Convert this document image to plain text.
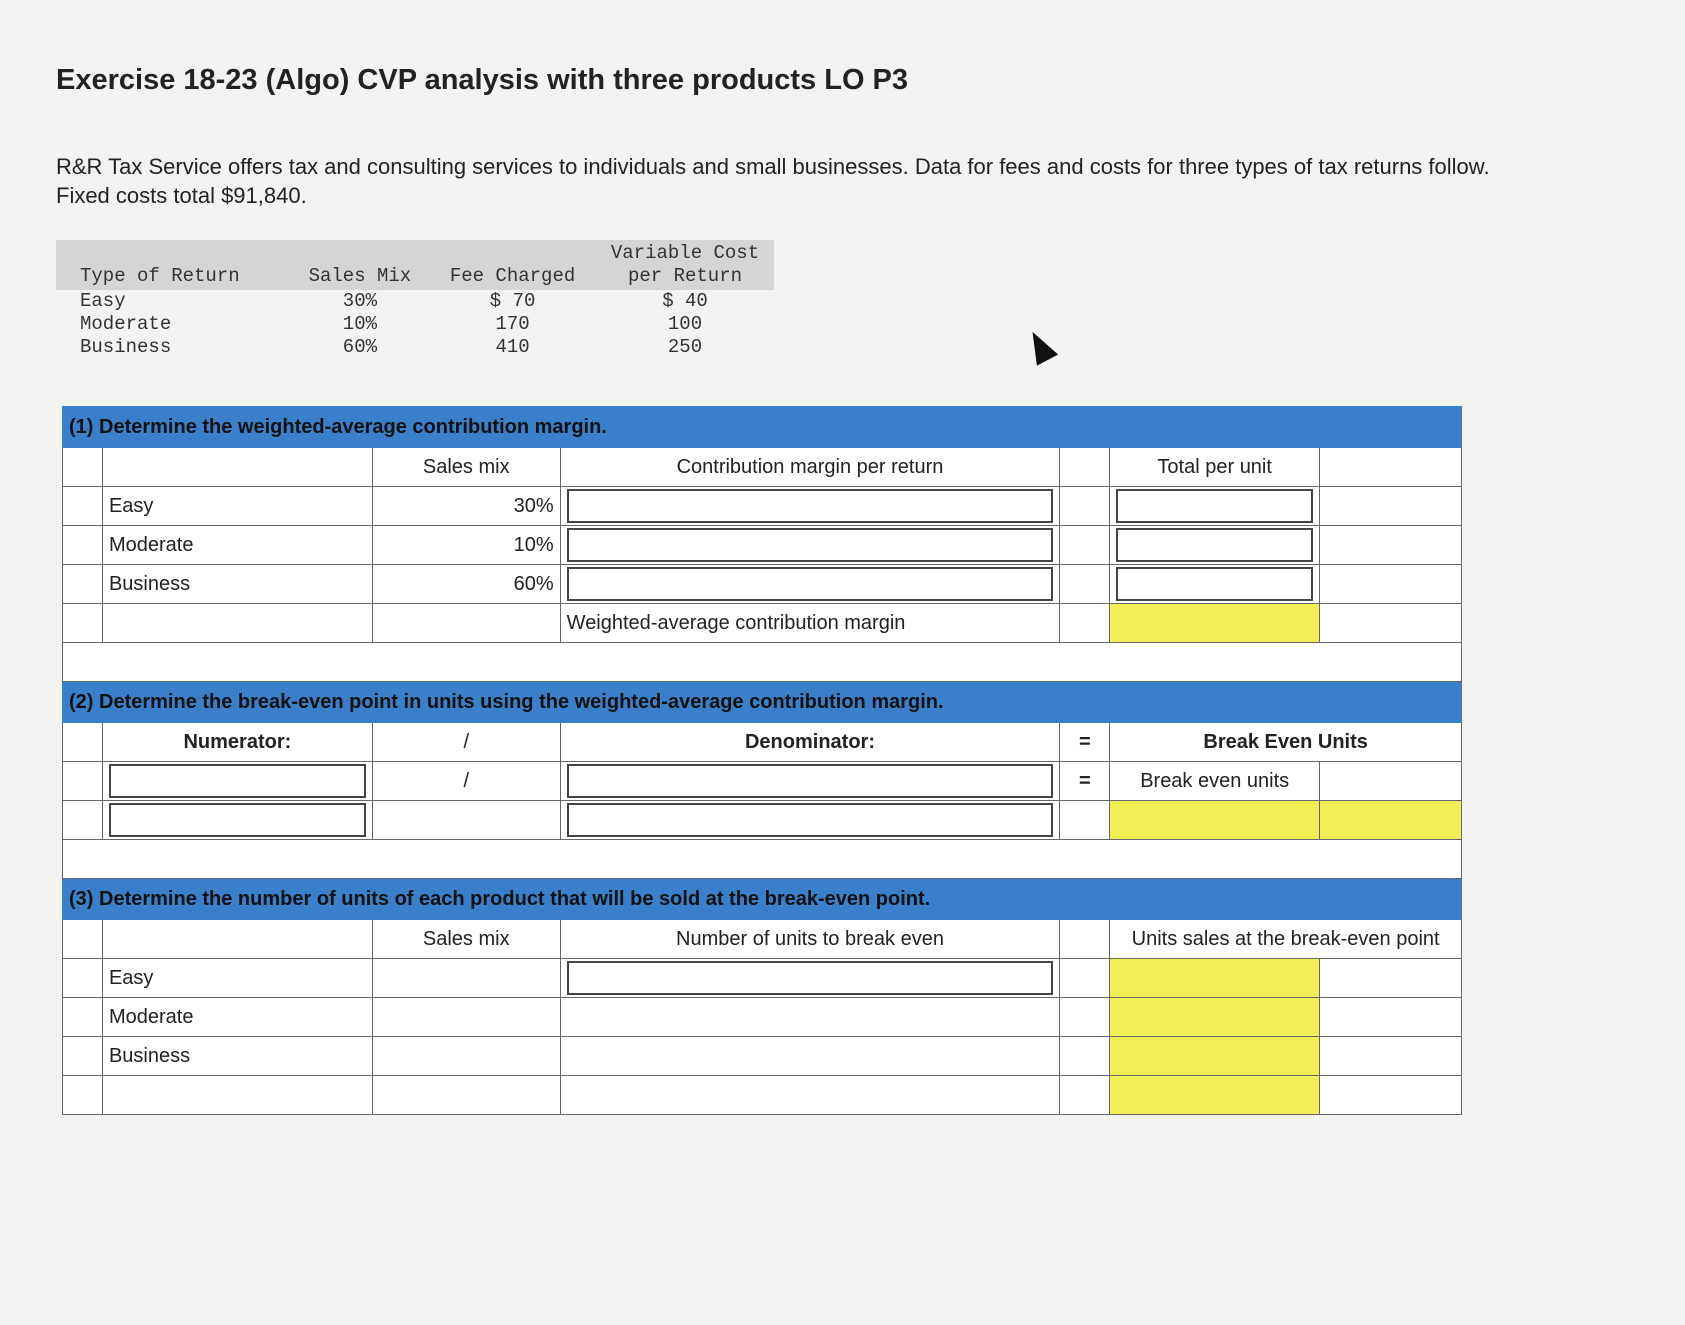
Exercise 18-23 (Algo) CVP analysis with three products LO P3
R&R Tax Service offers tax and consulting services to individuals and small businesses. Data for fees and costs for three types of tax returns follow. Fixed costs total $91,840.
Type of Return	Sales Mix	Fee Charged	Variable Cost per Return
Easy	30%	$ 70	$ 40
Moderate	10%	170	100
Business	60%	410	250
(1) Determine the weighted-average contribution margin.						
		Sales mix	Contribution margin per return		Total per unit	
	Easy	30%	

	Moderate	10%	

	Business	60%	

			Weighted-average contribution margin			

(2) Determine the break-even point in units using the weighted-average contribution margin.						
	Numerator:	/	Denominator:	=	Break Even Units	

	/		=	Break even units	

(3) Determine the number of units of each product that will be sold at the break-even point.						
		Sales mix	Number of units to break even		Units sales at the break-even point	
	Easy		

	Moderate					
	Business					
